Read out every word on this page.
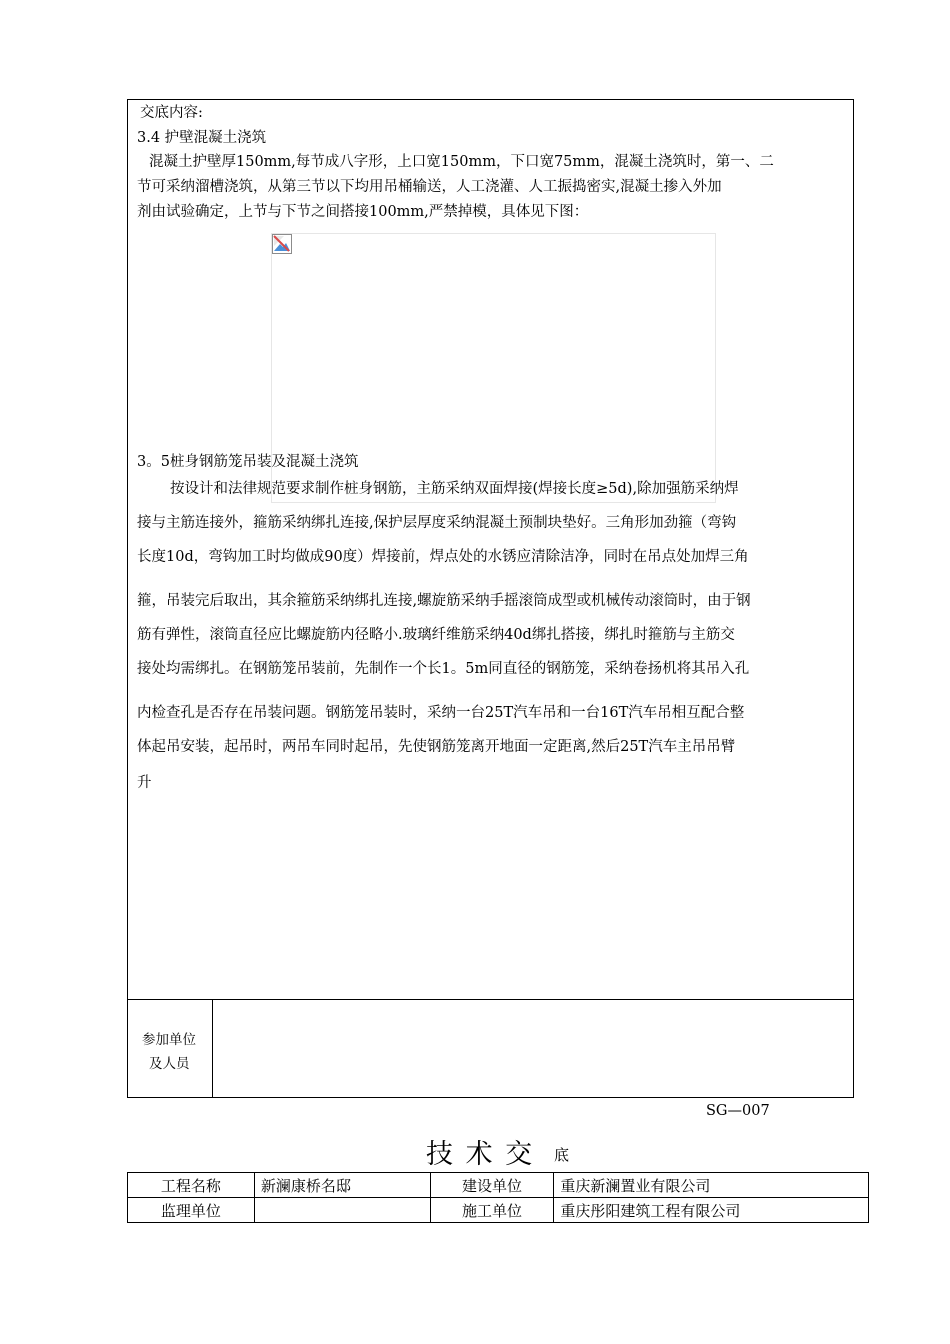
交底内容:
3.4 护壁混凝土浇筑
混凝土护壁厚150mm,每节成八字形，上口宽150mm，下口宽75mm，混凝土浇筑时，第一、二
节可采纳溜槽浇筑，从第三节以下均用吊桶输送，人工浇灌、人工振捣密实,混凝土掺入外加
剂由试验确定，上节与下节之间搭接100mm,严禁掉模，具体见下图：
3。5桩身钢筋笼吊装及混凝土浇筑
按设计和法律规范要求制作桩身钢筋，主筋采纳双面焊接(焊接长度≥5d),除加强筋采纳焊
接与主筋连接外，箍筋采纳绑扎连接,保护层厚度采纳混凝土预制块垫好。三角形加劲箍（弯钩
长度10d，弯钩加工时均做成90度）焊接前，焊点处的水锈应清除洁净，同时在吊点处加焊三角
箍，吊装完后取出，其余箍筋采纳绑扎连接,螺旋筋采纳手摇滚筒成型或机械传动滚筒时，由于钢
筋有弹性，滚筒直径应比螺旋筋内径略小.玻璃纤维筋采纳40d绑扎搭接，绑扎时箍筋与主筋交
接处均需绑扎。在钢筋笼吊装前，先制作一个长1。5m同直径的钢筋笼，采纳卷扬机将其吊入孔
内检查孔是否存在吊装问题。钢筋笼吊装时，采纳一台25T汽车吊和一台16T汽车吊相互配合整
体起吊安装，起吊时，两吊车同时起吊，先使钢筋笼离开地面一定距离,然后25T汽车主吊吊臂
升
参加单位
及人员
SG—007
技 术 交 底
工程名称	新澜康桥名邸	建设单位	重庆新澜置业有限公司
监理单位		施工单位	重庆彤阳建筑工程有限公司
